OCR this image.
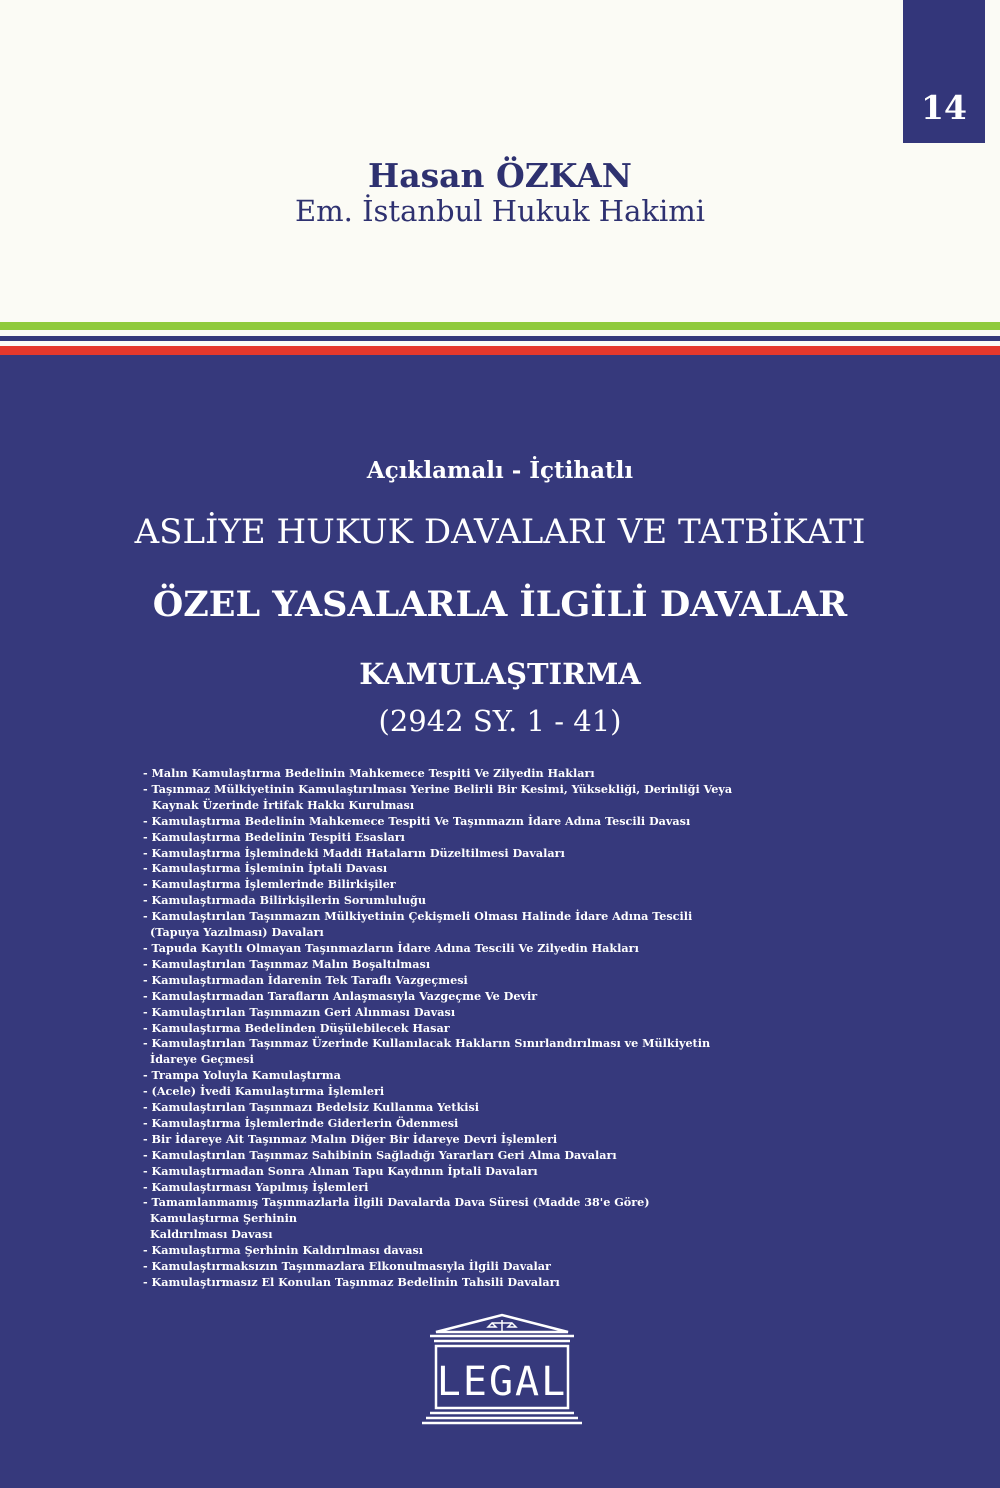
14
Hasan ÖZKAN
Em. İstanbul Hukuk Hakimi
Açıklamalı - İçtihatlı
ASLİYE HUKUK DAVALARI VE TATBİKATI
ÖZEL YASALARLA İLGİLİ DAVALAR
KAMULAŞTIRMA
(2942 SY. 1 - 41)
- Malın Kamulaştırma Bedelinin Mahkemece Tespiti Ve Zilyedin Hakları
- Taşınmaz Mülkiyetinin Kamulaştırılması Yerine Belirli Bir Kesimi, Yüksekliği, Derinliği Veya
Kaynak Üzerinde İrtifak Hakkı Kurulması
- Kamulaştırma Bedelinin Mahkemece Tespiti Ve Taşınmazın İdare Adına Tescili Davası
- Kamulaştırma Bedelinin Tespiti Esasları
- Kamulaştırma İşlemindeki Maddi Hataların Düzeltilmesi Davaları
- Kamulaştırma İşleminin İptali Davası
- Kamulaştırma İşlemlerinde Bilirkişiler
- Kamulaştırmada Bilirkişilerin Sorumluluğu
- Kamulaştırılan Taşınmazın Mülkiyetinin Çekişmeli Olması Halinde İdare Adına Tescili
(Tapuya Yazılması) Davaları
- Tapuda Kayıtlı Olmayan Taşınmazların İdare Adına Tescili Ve Zilyedin Hakları
- Kamulaştırılan Taşınmaz Malın Boşaltılması
- Kamulaştırmadan İdarenin Tek Taraflı Vazgeçmesi
- Kamulaştırmadan Tarafların Anlaşmasıyla Vazgeçme Ve Devir
- Kamulaştırılan Taşınmazın Geri Alınması Davası
- Kamulaştırma Bedelinden Düşülebilecek Hasar
- Kamulaştırılan Taşınmaz Üzerinde Kullanılacak Hakların Sınırlandırılması ve Mülkiyetin
İdareye Geçmesi
- Trampa Yoluyla Kamulaştırma
- (Acele) İvedi Kamulaştırma İşlemleri
- Kamulaştırılan Taşınmazı Bedelsiz Kullanma Yetkisi
- Kamulaştırma İşlemlerinde Giderlerin Ödenmesi
- Bir İdareye Ait Taşınmaz Malın Diğer Bir İdareye Devri İşlemleri
- Kamulaştırılan Taşınmaz Sahibinin Sağladığı Yararları Geri Alma Davaları
- Kamulaştırmadan Sonra Alınan Tapu Kaydının İptali Davaları
- Kamulaştırması Yapılmış İşlemleri
- Tamamlanmamış Taşınmazlarla İlgili Davalarda Dava Süresi (Madde 38'e Göre)
Kamulaştırma Şerhinin
Kaldırılması Davası
- Kamulaştırma Şerhinin Kaldırılması davası
- Kamulaştırmaksızın Taşınmazlara Elkonulmasıyla İlgili Davalar
- Kamulaştırmasız El Konulan Taşınmaz Bedelinin Tahsili Davaları
LEGAL
